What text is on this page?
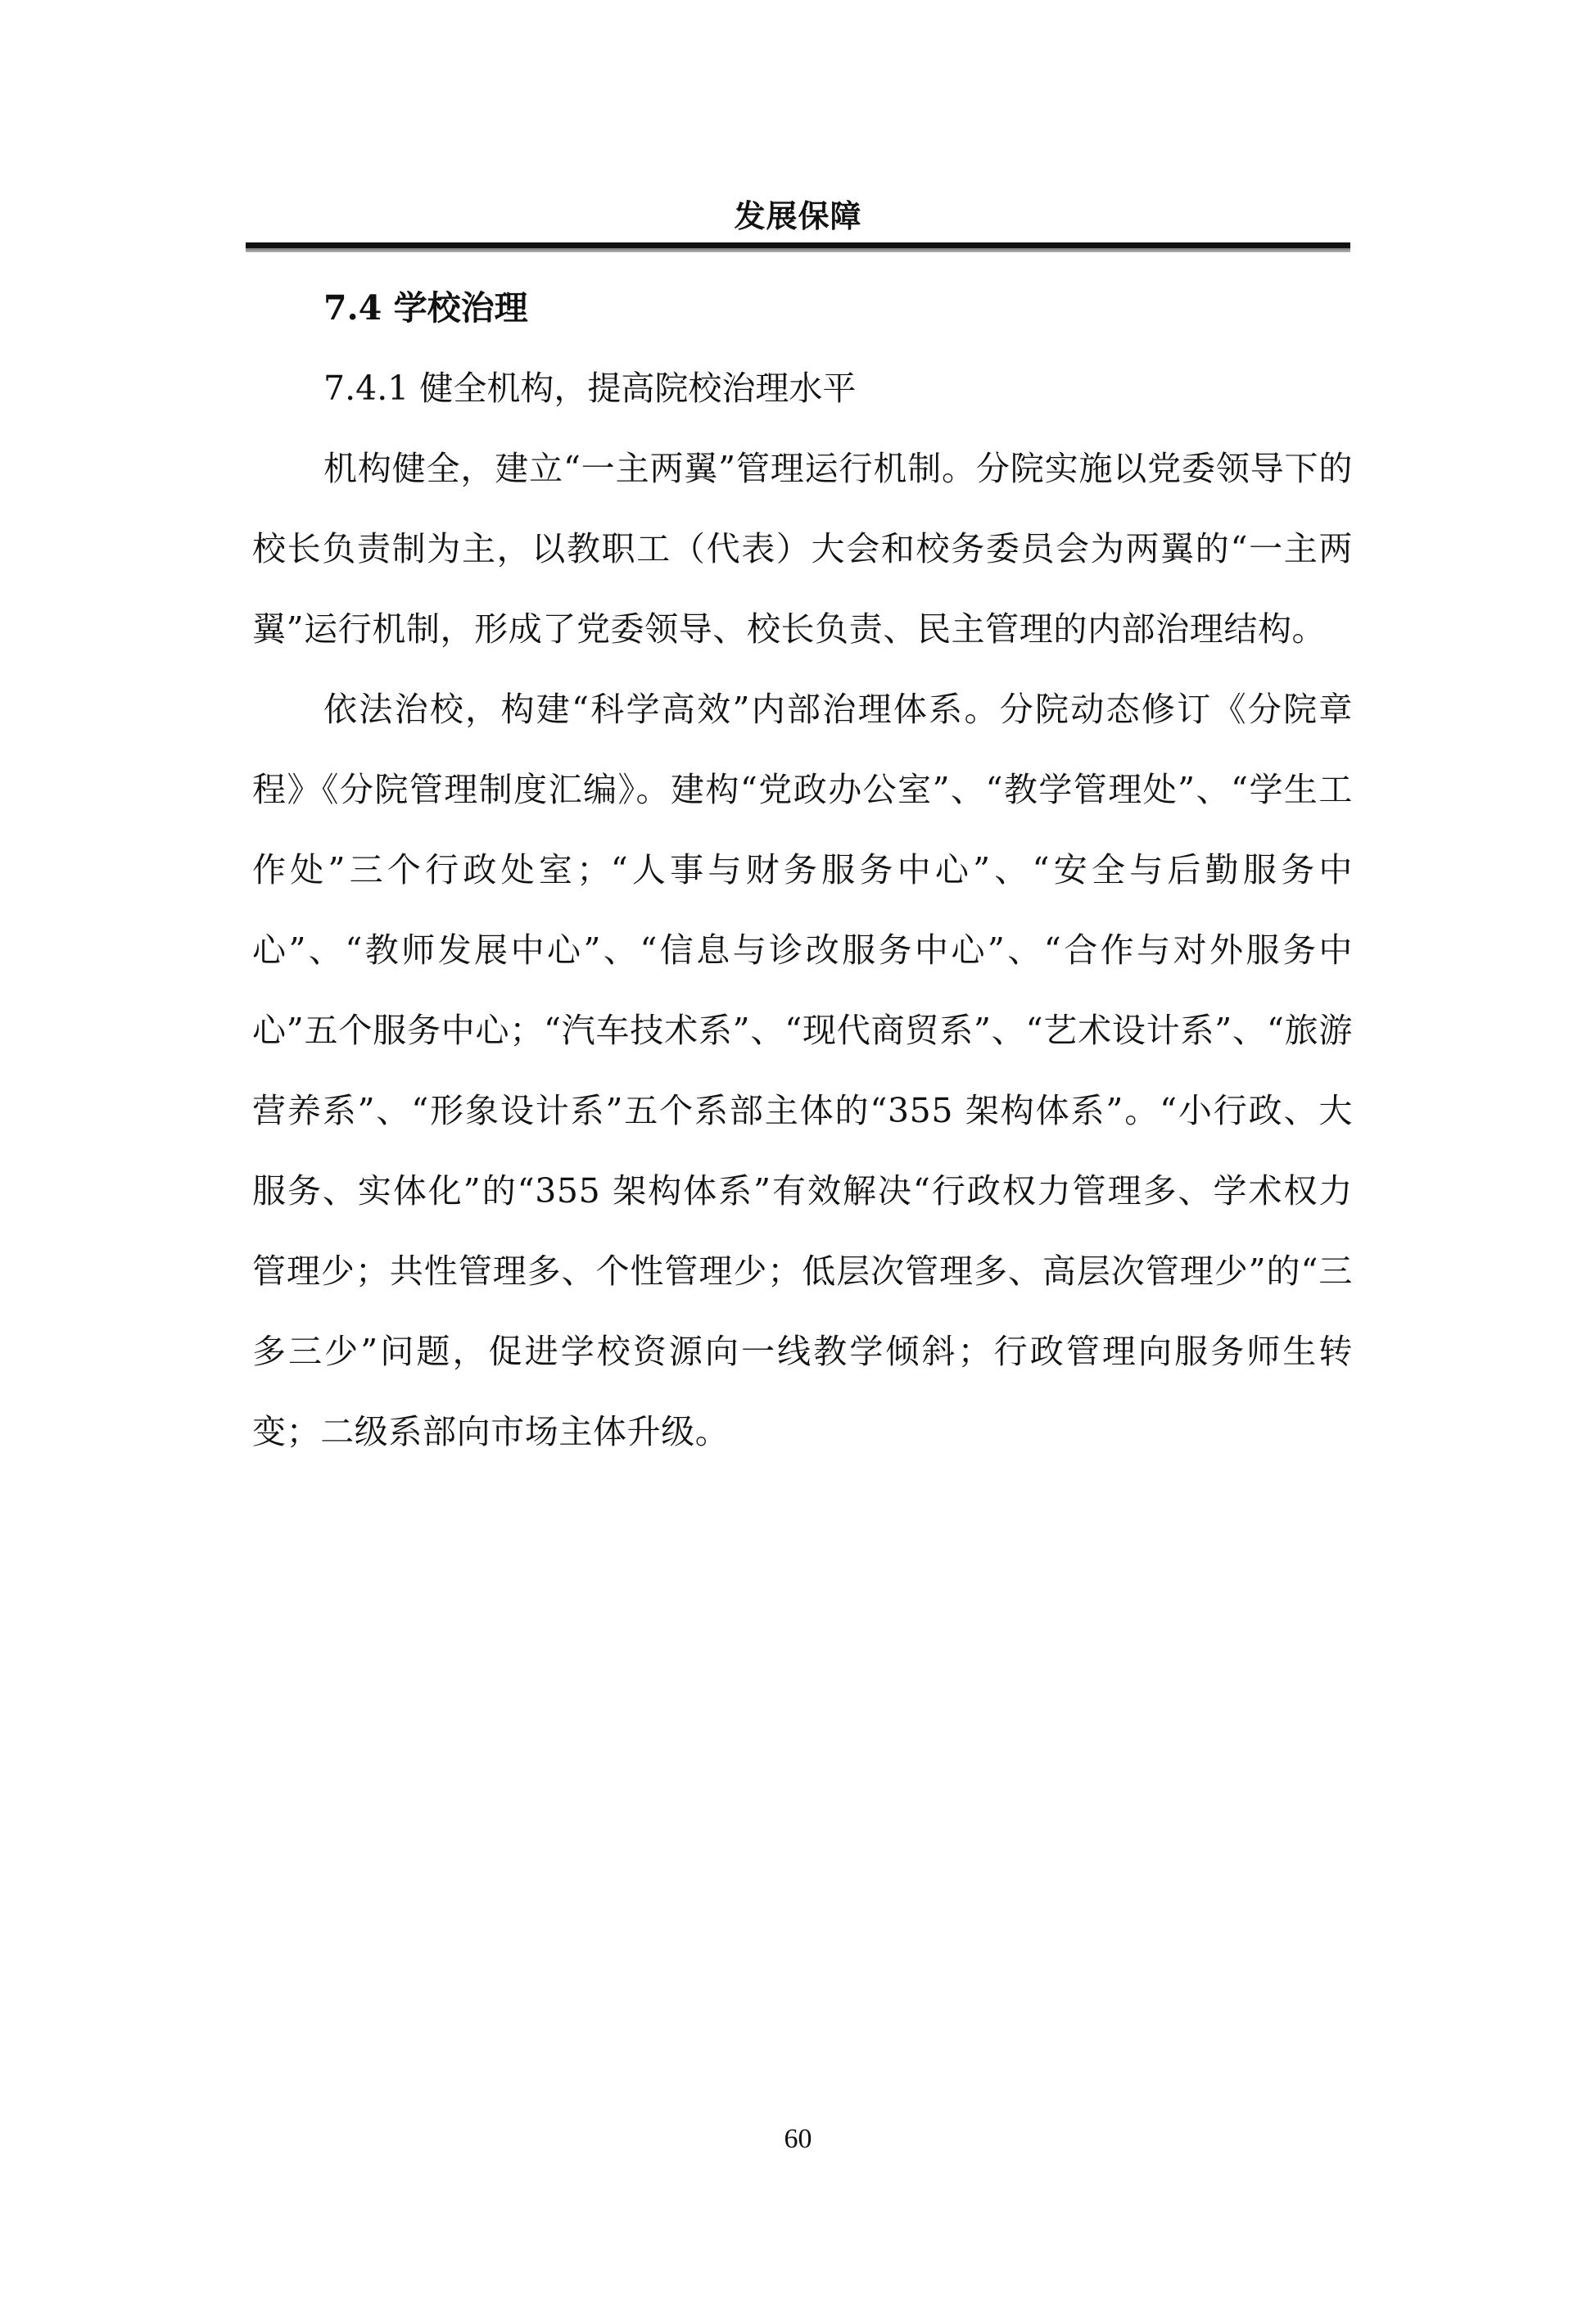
发展保障
7.4 学校治理
7.4.1 健全机构，提高院校治理水平

机构健全，建立“一主两翼”管理运行机制。分院实施以党委领导下的校长负责制为主，以教职工（代表）大会和校务委员会为两翼的“一主两翼”运行机制，形成了党委领导、校长负责、民主管理的内部治理结构。

依法治校，构建“科学高效”内部治理体系。分院动态修订《分院章程》《分院管理制度汇编》。建构“党政办公室”、“教学管理处”、“学生工作处”三个行政处室；“人事与财务服务中心”、“安全与后勤服务中心”、“教师发展中心”、“信息与诊改服务中心”、“合作与对外服务中心”五个服务中心；“汽车技术系”、“现代商贸系”、“艺术设计系”、“旅游营养系”、“形象设计系”五个系部主体的“355 架构体系”。“小行政、大服务、实体化”的“355 架构体系”有效解决“行政权力管理多、学术权力管理少；共性管理多、个性管理少；低层次管理多、高层次管理少”的“三多三少”问题，促进学校资源向一线教学倾斜；行政管理向服务师生转变；二级系部向市场主体升级。

60
